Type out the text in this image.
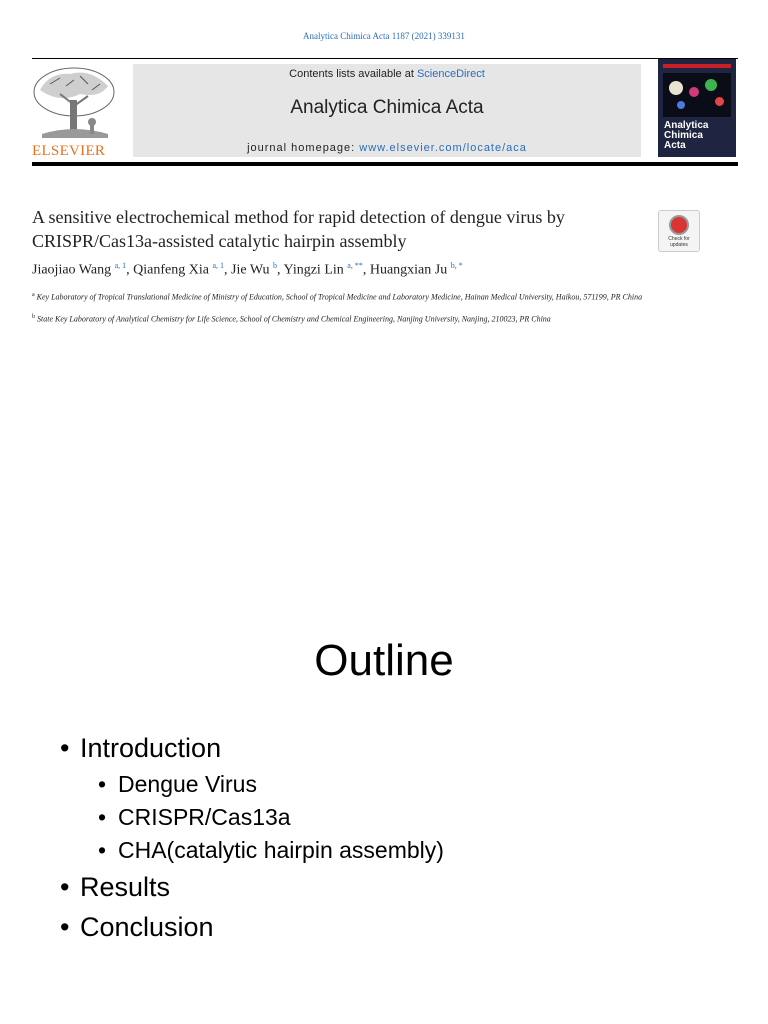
Analytica Chimica Acta 1187 (2021) 339131
ELSEVIER
Contents lists available at ScienceDirect
Analytica Chimica Acta
journal homepage: www.elsevier.com/locate/aca
Analytica
Chimica
Acta
A sensitive electrochemical method for rapid detection of dengue virus by CRISPR/Cas13a-assisted catalytic hairpin assembly	Check for updates
Jiaojiao Wang $^{a, 1}$, Qianfeng Xia $^{a, 1}$, Jie Wu $^b$, Yingzi Lin $^{a, **}$, Huangxian Ju $^{b, *}$
$^a$ Key Laboratory of Tropical Translational Medicine of Ministry of Education, School of Tropical Medicine and Laboratory Medicine, Hainan Medical University, Haikou, 571199, PR China
$^b$ State Key Laboratory of Analytical Chemistry for Life Science, School of Chemistry and Chemical Engineering, Nanjing University, Nanjing, 210023, PR China
Outline
• Introduction
• Dengue Virus
• CRISPR/Cas13a
• CHA(catalytic hairpin assembly)
• Results
• Conclusion
